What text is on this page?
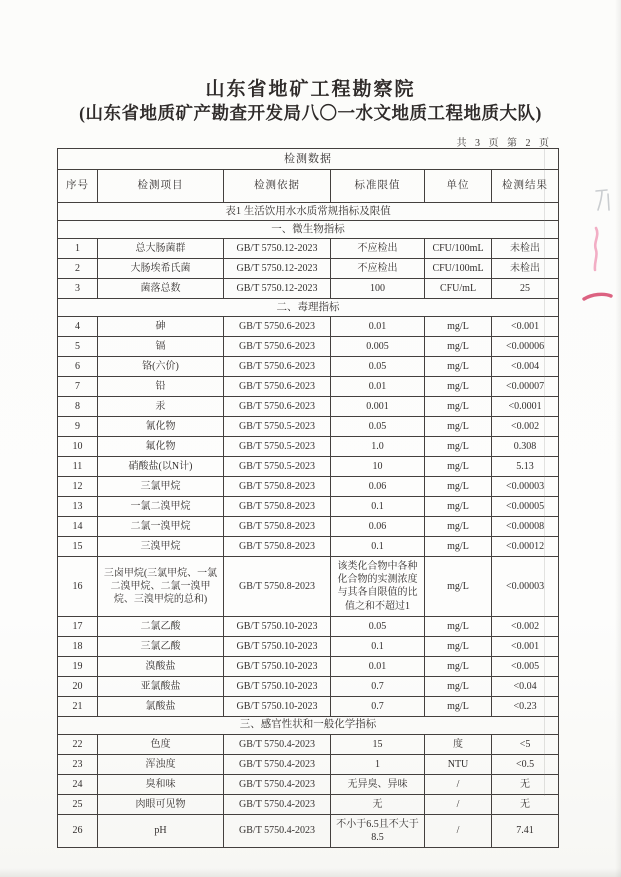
山东省地矿工程勘察院
(山东省地质矿产勘查开发局八〇一水文地质工程地质大队)
共 3 页 第 2 页
检测数据					
序号	检测项目	检测依据	标准限值	单位	检测结果
表1 生活饮用水水质常规指标及限值					
一、微生物指标					
1	总大肠菌群	GB/T 5750.12-2023	不应检出	CFU/100mL	未检出
2	大肠埃希氏菌	GB/T 5750.12-2023	不应检出	CFU/100mL	未检出
3	菌落总数	GB/T 5750.12-2023	100	CFU/mL	25
二、毒理指标					
4	砷	GB/T 5750.6-2023	0.01	mg/L	<0.001
5	镉	GB/T 5750.6-2023	0.005	mg/L	<0.00006
6	铬(六价)	GB/T 5750.6-2023	0.05	mg/L	<0.004
7	铅	GB/T 5750.6-2023	0.01	mg/L	<0.00007
8	汞	GB/T 5750.6-2023	0.001	mg/L	<0.0001
9	氰化物	GB/T 5750.5-2023	0.05	mg/L	<0.002
10	氟化物	GB/T 5750.5-2023	1.0	mg/L	0.308
11	硝酸盐(以N计)	GB/T 5750.5-2023	10	mg/L	5.13
12	三氯甲烷	GB/T 5750.8-2023	0.06	mg/L	<0.00003
13	一氯二溴甲烷	GB/T 5750.8-2023	0.1	mg/L	<0.00005
14	二氯一溴甲烷	GB/T 5750.8-2023	0.06	mg/L	<0.00008
15	三溴甲烷	GB/T 5750.8-2023	0.1	mg/L	<0.00012
16	三卤甲烷(三氯甲烷、一氯二溴甲烷、二氯一溴甲烷、三溴甲烷的总和)	GB/T 5750.8-2023	该类化合物中各种化合物的实测浓度与其各自限值的比值之和不超过1	mg/L	<0.00003
17	二氯乙酸	GB/T 5750.10-2023	0.05	mg/L	<0.002
18	三氯乙酸	GB/T 5750.10-2023	0.1	mg/L	<0.001
19	溴酸盐	GB/T 5750.10-2023	0.01	mg/L	<0.005
20	亚氯酸盐	GB/T 5750.10-2023	0.7	mg/L	<0.04
21	氯酸盐	GB/T 5750.10-2023	0.7	mg/L	<0.23
三、感官性状和一般化学指标					
22	色度	GB/T 5750.4-2023	15	度	<5
23	浑浊度	GB/T 5750.4-2023	1	NTU	<0.5
24	臭和味	GB/T 5750.4-2023	无异臭、异味	/	无
25	肉眼可见物	GB/T 5750.4-2023	无	/	无
26	pH	GB/T 5750.4-2023	不小于6.5且不大于8.5	/	7.41
